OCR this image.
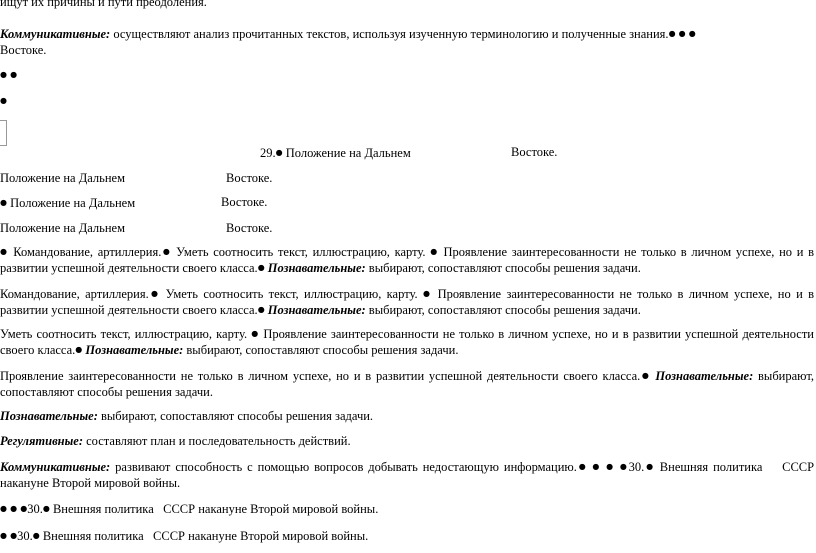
ищут их причины и пути преодоления.
Коммуникативные: осуществляют анализ прочитанных текстов, используя изученную терминологию и полученные знания.● ● ●
Востоке.
● ●
●
29.● Положение на Дальнем	Востоке.
Положение на Дальнем	Востоке.
● Положение на Дальнем	Востоке.
Положение на Дальнем	Востоке.
● Командование, артиллерия.● Уметь соотносить текст, иллюстрацию, карту. ● Проявление заинтересованности не только в личном успехе, но и в развитии успешной деятельности своего класса.● Познавательные: выбирают, сопоставляют способы решения задачи.
Командование, артиллерия.● Уметь соотносить текст, иллюстрацию, карту. ● Проявление заинтересованности не только в личном успехе, но и в развитии успешной деятельности своего класса.● Познавательные: выбирают, сопоставляют способы решения задачи.
Уметь соотносить текст, иллюстрацию, карту. ● Проявление заинтересованности не только в личном успехе, но и в развитии успешной деятельности своего класса.● Познавательные: выбирают, сопоставляют способы решения задачи.
Проявление заинтересованности не только в личном успехе, но и в развитии успешной деятельности своего класса.● Познавательные: выбирают, сопоставляют способы решения задачи.
Познавательные: выбирают, сопоставляют способы решения задачи.
Регулятивные: составляют план и последовательность действий.
Коммуникативные: развивают способность с помощью вопросов добывать недостающую информацию.● ● ● ●30.● Внешняя политика СССР накануне Второй мировой войны.
● ● ●30.● Внешняя политика СССР накануне Второй мировой войны.
● ●30.● Внешняя политика СССР накануне Второй мировой войны.
